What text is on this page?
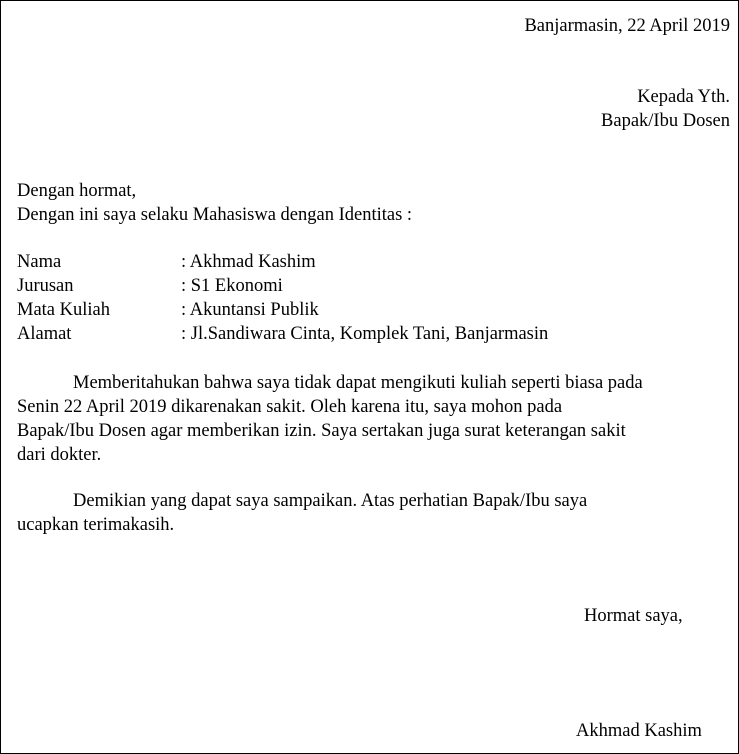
Banjarmasin, 22 April 2019
Kepada Yth.
Bapak/Ibu Dosen
Dengan hormat,
Dengan ini saya selaku Mahasiswa dengan Identitas :
Nama	: Akhmad Kashim
Jurusan	: S1 Ekonomi
Mata Kuliah	: Akuntansi Publik
Alamat	: Jl.Sandiwara Cinta, Komplek Tani, Banjarmasin
Memberitahukan bahwa saya tidak dapat mengikuti kuliah seperti biasa pada
Senin 22 April 2019 dikarenakan sakit. Oleh karena itu, saya mohon pada
Bapak/Ibu Dosen agar memberikan izin. Saya sertakan juga surat keterangan sakit
dari dokter.
Demikian yang dapat saya sampaikan. Atas perhatian Bapak/Ibu saya
ucapkan terimakasih.
Hormat saya,
Akhmad Kashim
